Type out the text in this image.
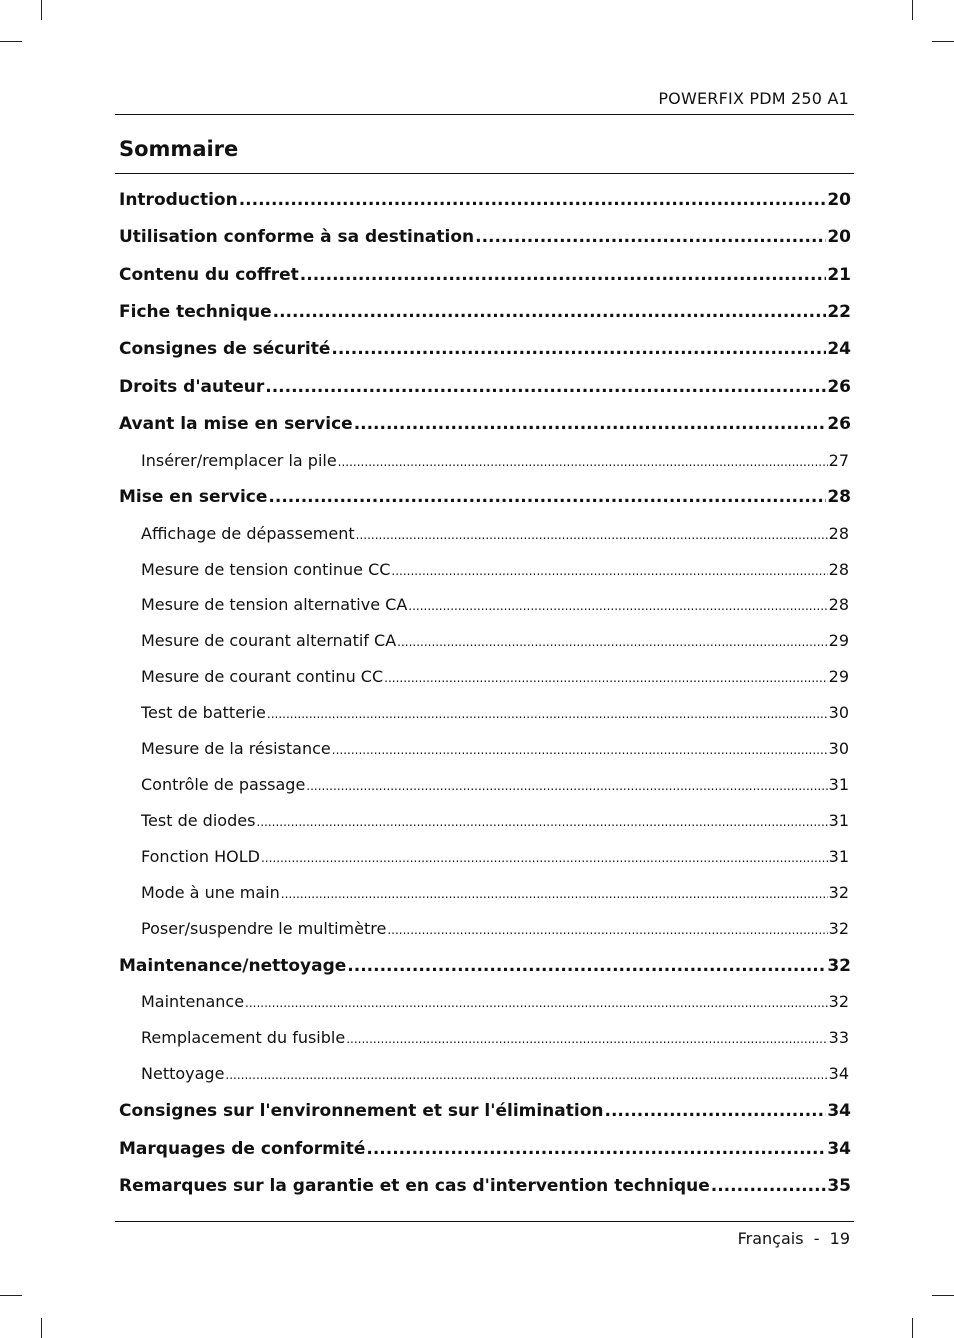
POWERFIX PDM 250 A1
Sommaire
Introduction .....	20
Utilisation conforme à sa destination .....	20
Contenu du coffret .....	21
Fiche technique .....	22
Consignes de sécurité .....	24
Droits d'auteur .....	26
Avant la mise en service .....	26
Insérer/remplacer la pile .....	27
Mise en service .....	28
Affichage de dépassement .....	28
Mesure de tension continue CC .....	28
Mesure de tension alternative CA .....	28
Mesure de courant alternatif CA .....	29
Mesure de courant continu CC .....	29
Test de batterie .....	30
Mesure de la résistance .....	30
Contrôle de passage .....	31
Test de diodes .....	31
Fonction HOLD .....	31
Mode à une main .....	32
Poser/suspendre le multimètre .....	32
Maintenance/nettoyage .....	32
Maintenance .....	32
Remplacement du fusible .....	33
Nettoyage .....	34
Consignes sur l'environnement et sur l'élimination .....	34
Marquages de conformité .....	34
Remarques sur la garantie et en cas d'intervention technique .....	35
Français  -  19
